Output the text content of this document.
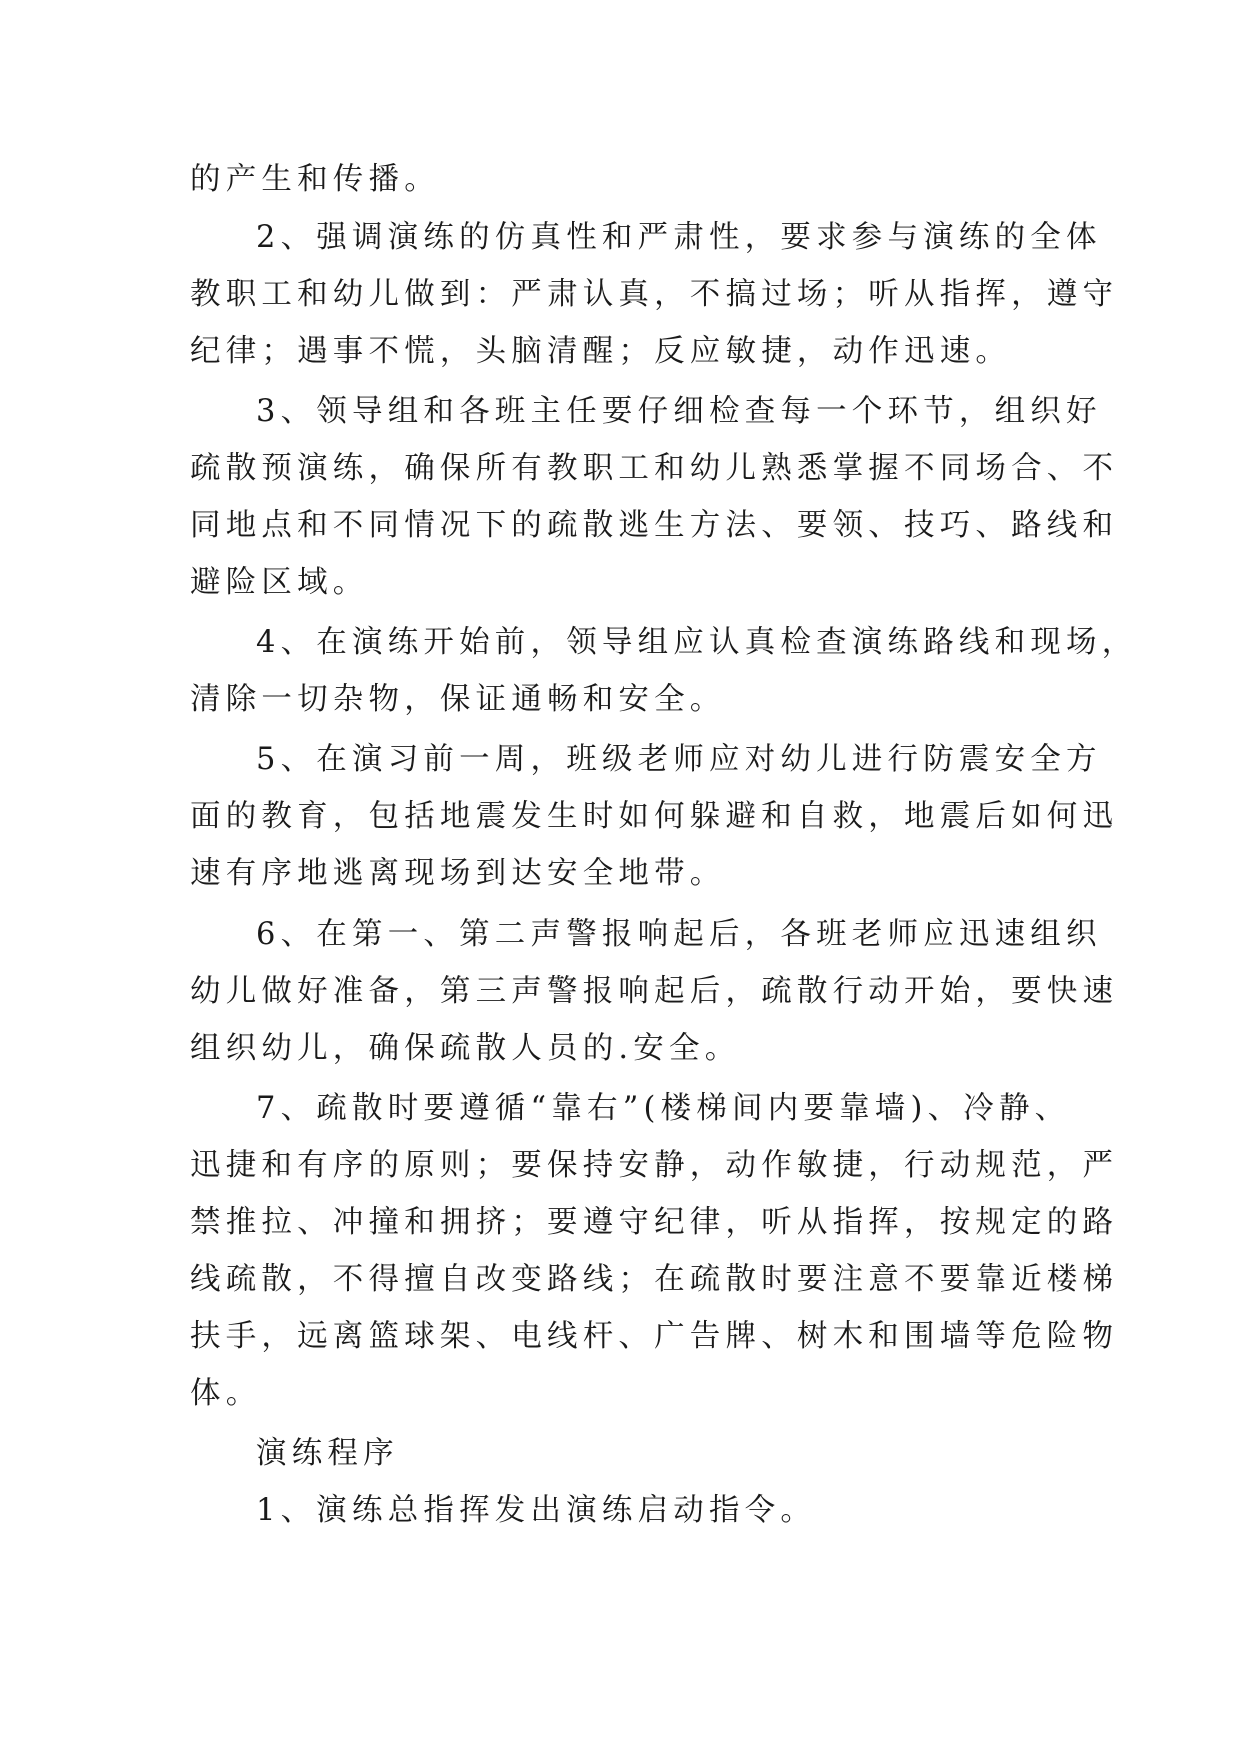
的产生和传播。
2、强调演练的仿真性和严肃性，要求参与演练的全体
教职工和幼儿做到：严肃认真，不搞过场；听从指挥，遵守
纪律；遇事不慌，头脑清醒；反应敏捷，动作迅速。
3、领导组和各班主任要仔细检查每一个环节，组织好
疏散预演练，确保所有教职工和幼儿熟悉掌握不同场合、不
同地点和不同情况下的疏散逃生方法、要领、技巧、路线和
避险区域。
4、在演练开始前，领导组应认真检查演练路线和现场，
清除一切杂物，保证通畅和安全。
5、在演习前一周，班级老师应对幼儿进行防震安全方
面的教育，包括地震发生时如何躲避和自救，地震后如何迅
速有序地逃离现场到达安全地带。
6、在第一、第二声警报响起后，各班老师应迅速组织
幼儿做好准备，第三声警报响起后，疏散行动开始，要快速
组织幼儿，确保疏散人员的.安全。
7、疏散时要遵循“靠右”(楼梯间内要靠墙)、冷静、
迅捷和有序的原则；要保持安静，动作敏捷，行动规范，严
禁推拉、冲撞和拥挤；要遵守纪律，听从指挥，按规定的路
线疏散，不得擅自改变路线；在疏散时要注意不要靠近楼梯
扶手，远离篮球架、电线杆、广告牌、树木和围墙等危险物
体。
演练程序
1、演练总指挥发出演练启动指令。
